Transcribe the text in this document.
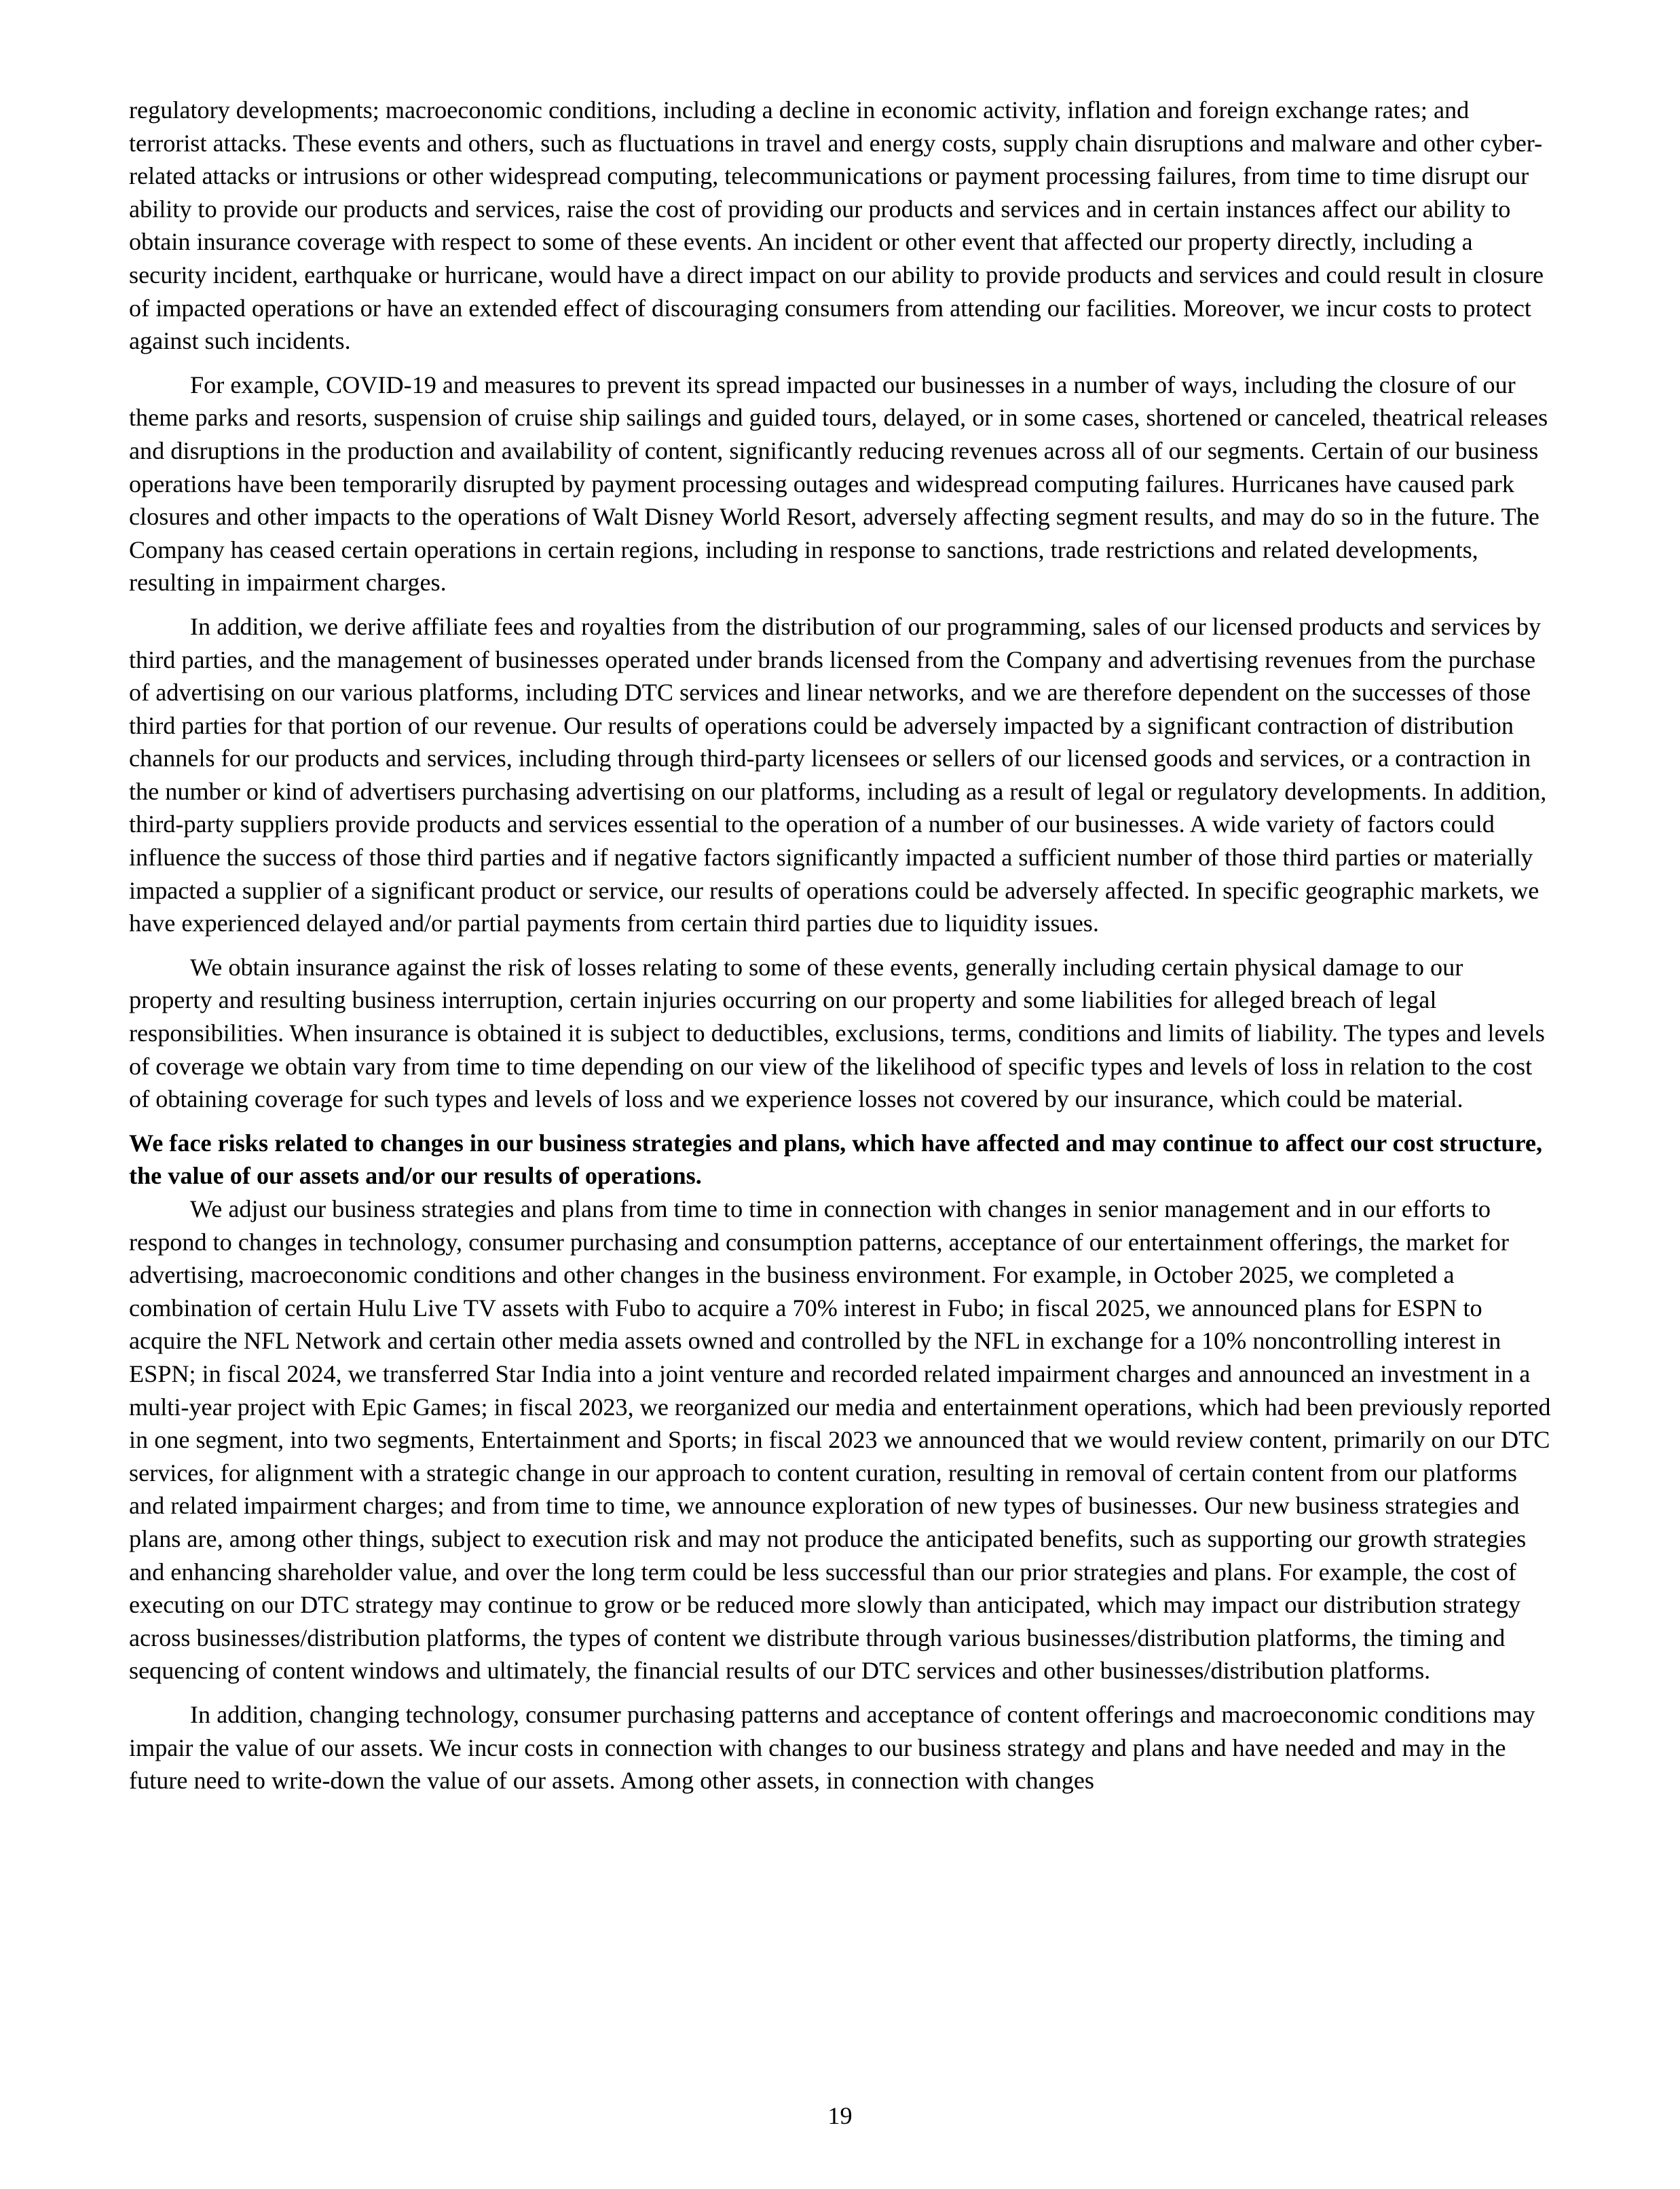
regulatory developments; macroeconomic conditions, including a decline in economic activity, inflation and foreign exchange rates; and terrorist attacks. These events and others, such as fluctuations in travel and energy costs, supply chain disruptions and malware and other cyber-related attacks or intrusions or other widespread computing, telecommunications or payment processing failures, from time to time disrupt our ability to provide our products and services, raise the cost of providing our products and services and in certain instances affect our ability to obtain insurance coverage with respect to some of these events. An incident or other event that affected our property directly, including a security incident, earthquake or hurricane, would have a direct impact on our ability to provide products and services and could result in closure of impacted operations or have an extended effect of discouraging consumers from attending our facilities. Moreover, we incur costs to protect against such incidents.

For example, COVID-19 and measures to prevent its spread impacted our businesses in a number of ways, including the closure of our theme parks and resorts, suspension of cruise ship sailings and guided tours, delayed, or in some cases, shortened or canceled, theatrical releases and disruptions in the production and availability of content, significantly reducing revenues across all of our segments. Certain of our business operations have been temporarily disrupted by payment processing outages and widespread computing failures. Hurricanes have caused park closures and other impacts to the operations of Walt Disney World Resort, adversely affecting segment results, and may do so in the future. The Company has ceased certain operations in certain regions, including in response to sanctions, trade restrictions and related developments, resulting in impairment charges.

In addition, we derive affiliate fees and royalties from the distribution of our programming, sales of our licensed products and services by third parties, and the management of businesses operated under brands licensed from the Company and advertising revenues from the purchase of advertising on our various platforms, including DTC services and linear networks, and we are therefore dependent on the successes of those third parties for that portion of our revenue. Our results of operations could be adversely impacted by a significant contraction of distribution channels for our products and services, including through third-party licensees or sellers of our licensed goods and services, or a contraction in the number or kind of advertisers purchasing advertising on our platforms, including as a result of legal or regulatory developments. In addition, third-party suppliers provide products and services essential to the operation of a number of our businesses. A wide variety of factors could influence the success of those third parties and if negative factors significantly impacted a sufficient number of those third parties or materially impacted a supplier of a significant product or service, our results of operations could be adversely affected. In specific geographic markets, we have experienced delayed and/or partial payments from certain third parties due to liquidity issues.

We obtain insurance against the risk of losses relating to some of these events, generally including certain physical damage to our property and resulting business interruption, certain injuries occurring on our property and some liabilities for alleged breach of legal responsibilities. When insurance is obtained it is subject to deductibles, exclusions, terms, conditions and limits of liability. The types and levels of coverage we obtain vary from time to time depending on our view of the likelihood of specific types and levels of loss in relation to the cost of obtaining coverage for such types and levels of loss and we experience losses not covered by our insurance, which could be material.

We face risks related to changes in our business strategies and plans, which have affected and may continue to affect our cost structure, the value of our assets and/or our results of operations.

We adjust our business strategies and plans from time to time in connection with changes in senior management and in our efforts to respond to changes in technology, consumer purchasing and consumption patterns, acceptance of our entertainment offerings, the market for advertising, macroeconomic conditions and other changes in the business environment. For example, in October 2025, we completed a combination of certain Hulu Live TV assets with Fubo to acquire a 70% interest in Fubo; in fiscal 2025, we announced plans for ESPN to acquire the NFL Network and certain other media assets owned and controlled by the NFL in exchange for a 10% noncontrolling interest in ESPN; in fiscal 2024, we transferred Star India into a joint venture and recorded related impairment charges and announced an investment in a multi-year project with Epic Games; in fiscal 2023, we reorganized our media and entertainment operations, which had been previously reported in one segment, into two segments, Entertainment and Sports; in fiscal 2023 we announced that we would review content, primarily on our DTC services, for alignment with a strategic change in our approach to content curation, resulting in removal of certain content from our platforms and related impairment charges; and from time to time, we announce exploration of new types of businesses. Our new business strategies and plans are, among other things, subject to execution risk and may not produce the anticipated benefits, such as supporting our growth strategies and enhancing shareholder value, and over the long term could be less successful than our prior strategies and plans. For example, the cost of executing on our DTC strategy may continue to grow or be reduced more slowly than anticipated, which may impact our distribution strategy across businesses/distribution platforms, the types of content we distribute through various businesses/distribution platforms, the timing and sequencing of content windows and ultimately, the financial results of our DTC services and other businesses/distribution platforms.

In addition, changing technology, consumer purchasing patterns and acceptance of content offerings and macroeconomic conditions may impair the value of our assets. We incur costs in connection with changes to our business strategy and plans and have needed and may in the future need to write-down the value of our assets. Among other assets, in connection with changes

19
